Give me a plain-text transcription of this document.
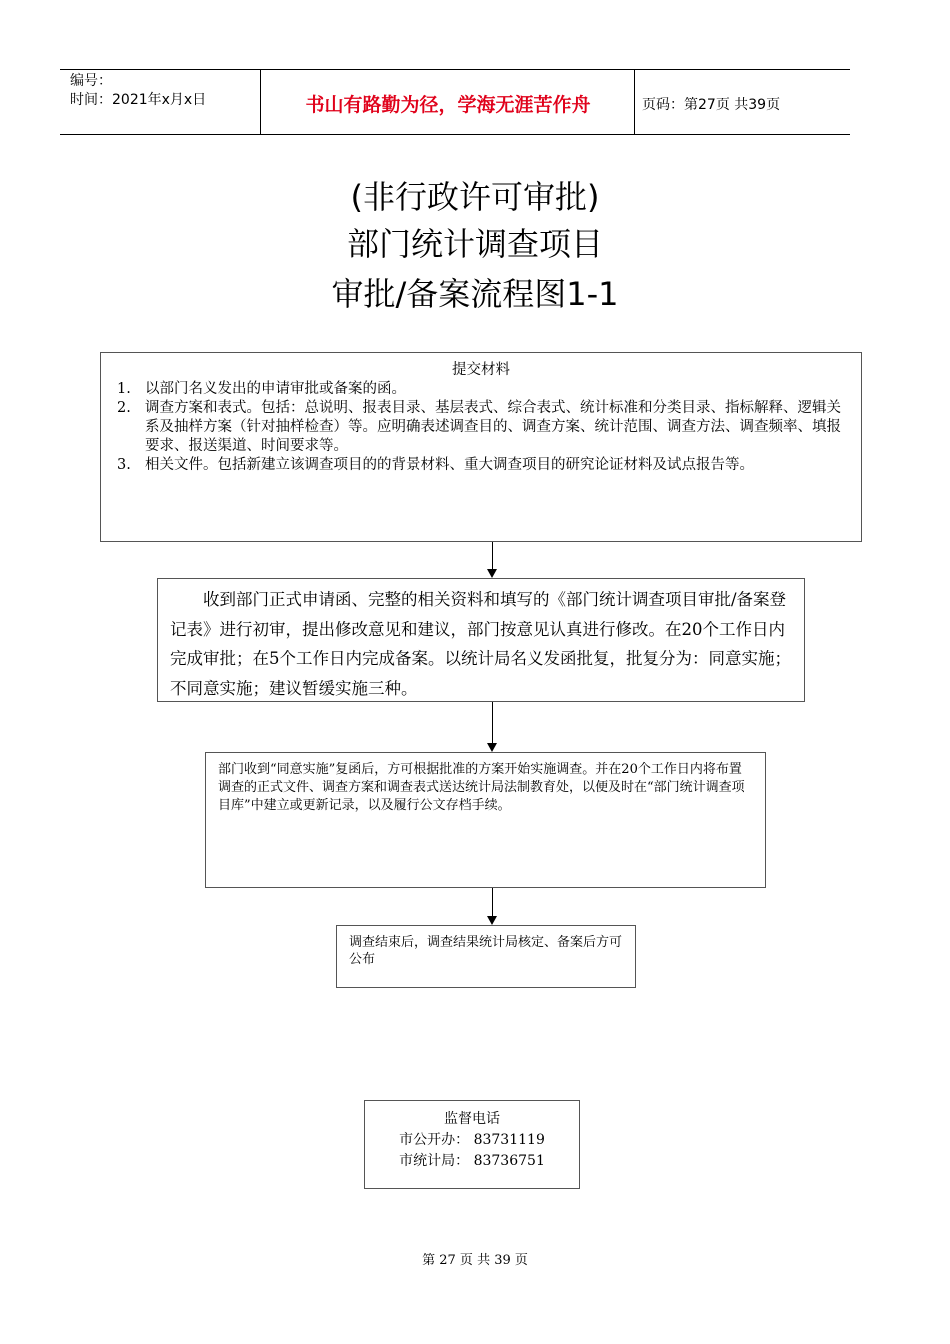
编号：
时间：2021年x月x日	书山有路勤为径，学海无涯苦作舟	页码：第27页 共39页
(非行政许可审批)
部门统计调查项目
审批/备案流程图1-1
提交材料
1. 以部门名义发出的申请审批或备案的函。
2. 调查方案和表式。包括：总说明、报表目录、基层表式、综合表式、统计标准和分类目录、指标解释、逻辑关系及抽样方案（针对抽样检查）等。应明确表述调查目的、调查方案、统计范围、调查方法、调查频率、填报要求、报送渠道、时间要求等。
3. 相关文件。包括新建立该调查项目的的背景材料、重大调查项目的研究论证材料及试点报告等。

收到部门正式申请函、完整的相关资料和填写的《部门统计调查项目审批/备案登记表》进行初审，提出修改意见和建议，部门按意见认真进行修改。在20个工作日内完成审批；在5个工作日内完成备案。以统计局名义发函批复，批复分为：同意实施；不同意实施；建议暂缓实施三种。

部门收到“同意实施”复函后，方可根据批准的方案开始实施调查。并在20个工作日内将布置调查的正式文件、调查方案和调查表式送达统计局法制教育处，以便及时在“部门统计调查项目库”中建立或更新记录，以及履行公文存档手续。

调查结束后，调查结果统计局核定、备案后方可公布

监督电话
市公开办： 83731119
市统计局： 83736751
第 27 页 共 39 页
